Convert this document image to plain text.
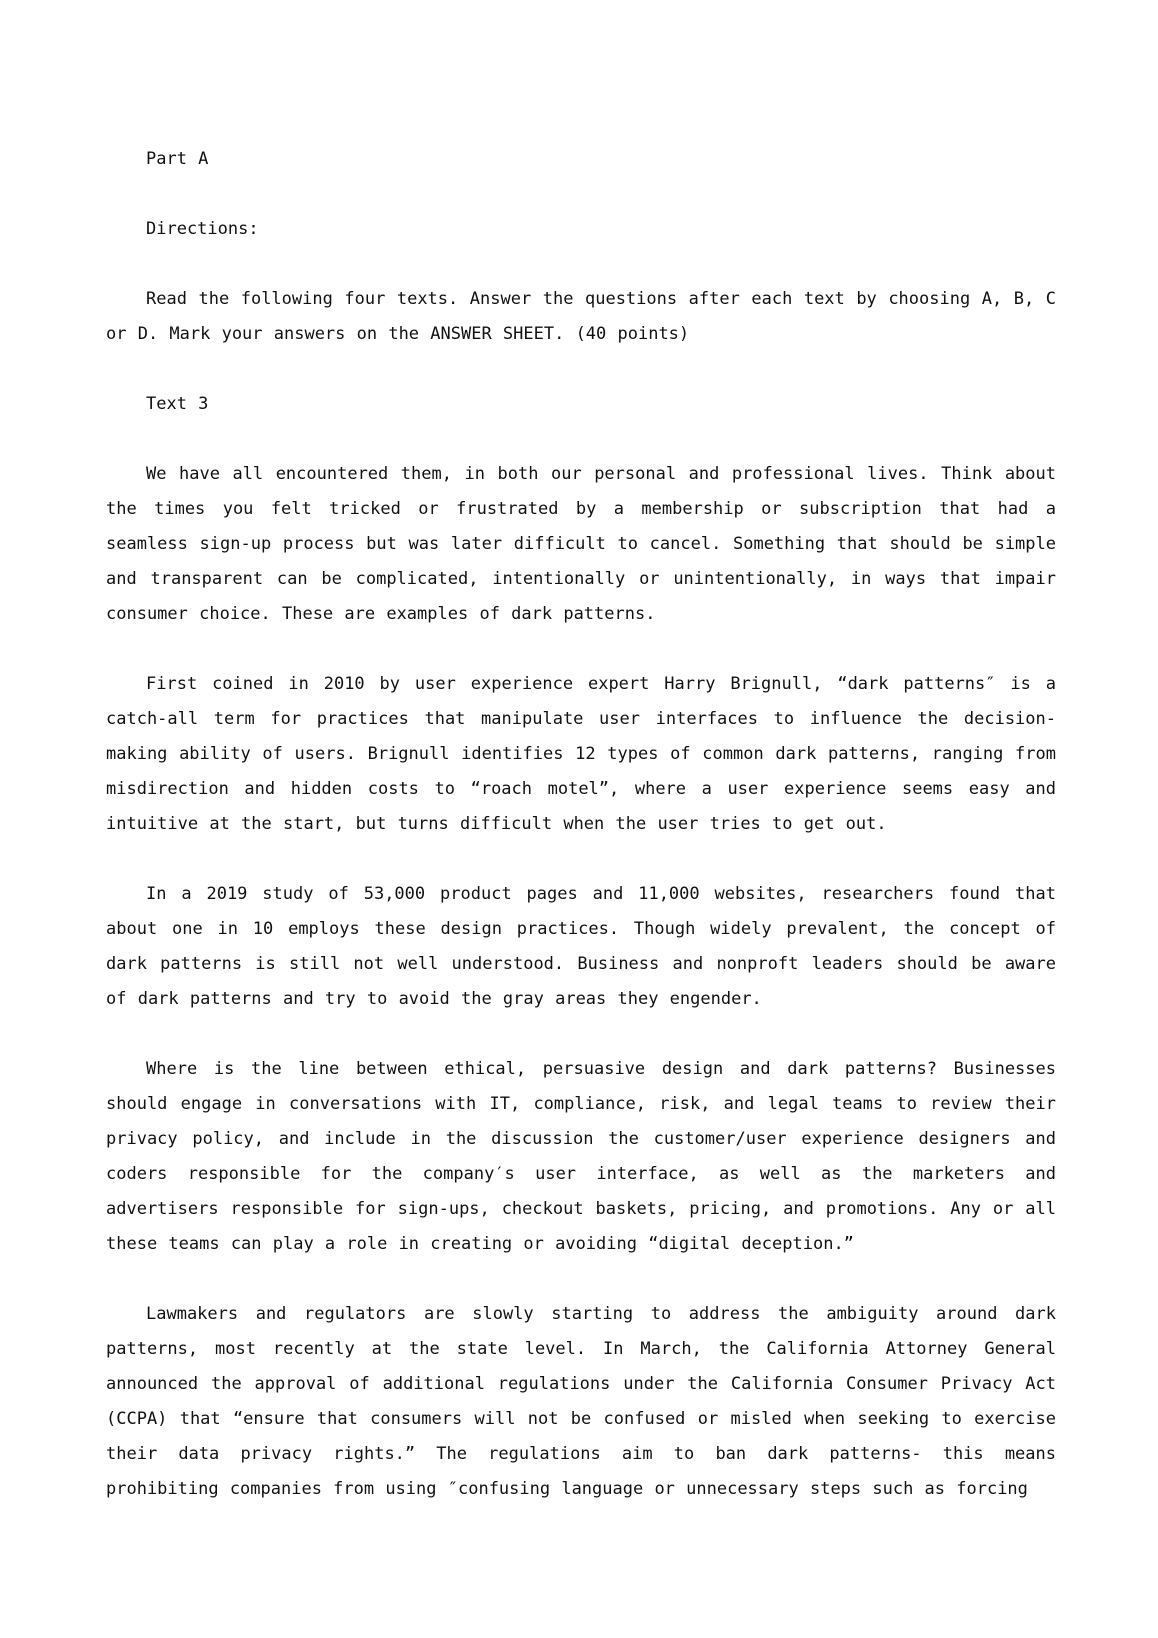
Part A

Directions:

Read the following four texts. Answer the questions after each text by choosing A, B, C or D. Mark your answers on the ANSWER SHEET. (40 points)

Text 3

We have all encountered them, in both our personal and professional lives. Think about the times you felt tricked or frustrated by a membership or subscription that had a seamless sign-up process but was later difficult to cancel. Something that should be simple and transparent can be complicated, intentionally or unintentionally, in ways that impair consumer choice. These are examples of dark patterns.

First coined in 2010 by user experience expert Harry Brignull, “dark patterns″ is a catch-all term for practices that manipulate user interfaces to influence the decision-making ability of users. Brignull identifies 12 types of common dark patterns, ranging from misdirection and hidden costs to “roach motel”, where a user experience seems easy and intuitive at the start, but turns difficult when the user tries to get out.

In a 2019 study of 53,000 product pages and 11,000 websites, researchers found that about one in 10 employs these design practices. Though widely prevalent, the concept of dark patterns is still not well understood. Business and nonproft leaders should be aware of dark patterns and try to avoid the gray areas they engender.

Where is the line between ethical, persuasive design and dark patterns? Businesses should engage in conversations with IT, compliance, risk, and legal teams to review their privacy policy, and include in the discussion the customer/user experience designers and coders responsible for the company′s user interface, as well as the marketers and advertisers responsible for sign-ups, checkout baskets, pricing, and promotions. Any or all these teams can play a role in creating or avoiding “digital deception.”

Lawmakers and regulators are slowly starting to address the ambiguity around dark patterns, most recently at the state level. In March, the California Attorney General announced the approval of additional regulations under the California Consumer Privacy Act (CCPA) that “ensure that consumers will not be confused or misled when seeking to exercise their data privacy rights.” The regulations aim to ban dark patterns- this means prohibiting companies from using ″confusing language or unnecessary steps such as forcing
